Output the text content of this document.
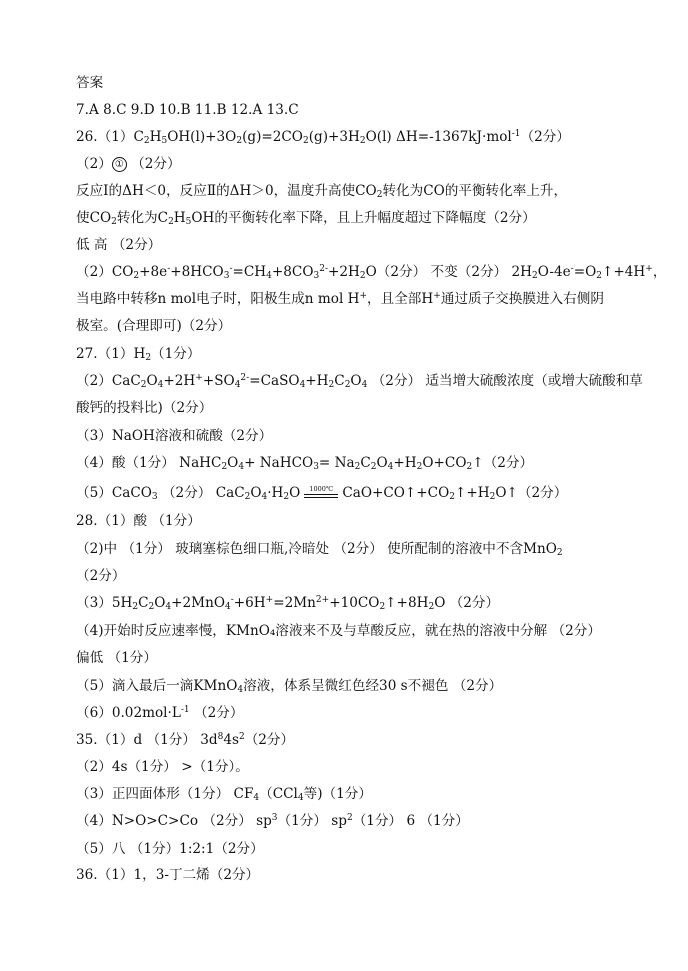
答案
7.A 8.C 9.D 10.B 11.B 12.A 13.C
$26.(1)C_2H_5OH(l)+3O_2(g)=2CO_2(g)+3H_2O(l)$ ΔH=-1367kJ·mol$^{-1}$（2分）
（2） ① （2分）
反应Ⅰ的ΔH＜0，反应Ⅱ的ΔH＞0，温度升高使$CO_2$转化为CO的平衡转化率上升，
使$CO_2$转化为$C_2H_5OH$的平衡转化率下降，且上升幅度超过下降幅度（2分）
低 高 （2分）
$(2)CO_2+8e^-+8HCO_3^-=CH_4+8CO_3^{2-}+2H_2O(2$分） 不变（2分） $2H_2O-4e^-=O_2↑+4H^+$，
当电路中转移n mol电子时，阳极生成n mol H+，且全部H+通过质子交换膜进入右侧阴
极室。(合理即可)（2分）
$27.(1)H_2(1$分）
$(2)CaC_2O_4+2H^++SO_4^{2-}=CaSO_4+H_2C_2O_4$ （2分） 适当增大硫酸浓度（或增大硫酸和草
酸钙的投料比)（2分）
（3）NaOH溶液和硫酸（2分）
（4）酸（1分） $NaHC_2O_4+$ NaHCO$_3$= $Na_2C_2O_4+H_2O+CO_2↑(2$分）
（5）CaCO$_3$ （2分） $CaC_2O_4\cdot H_2O$	1000℃ $CaO+CO↑+CO_2↑+H_2O↑(2$分）
28.（1）酸 （1分）
（2)中 （1分） 玻璃塞棕色细口瓶,冷暗处 （2分） 使所配制的溶液中不含MnO$_2$
（2分）
$(3)5H_2C_2O_4+2MnO_4^-+6H^+=2Mn^{2+}+10CO_2↑+8H_2O$ （2分）
（4)开始时反应速率慢，KMnO₄溶液来不及与草酸反应，就在热的溶液中分解 （2分）
偏低 （1分）
（5）滴入最后一滴KMnO$_4$溶液，体系呈微红色经30 s不褪色 （2分）
$(6)0.02mol\cdot L^{-1}$ （2分）
35.（1）d （1分） $3d^84s^2(2$分）
（2）4s（1分） >（1分）。
（3）正四面体形（1分） $CF_4(CCl_4$等)（1分）
（4）N>O>C>Co （2分） $sp^3(1$分） $sp^2(1$分） 6 （1分）
（5）八 （1分）1:2:1（2分）
36.（1）1，3-丁二烯（2分）
